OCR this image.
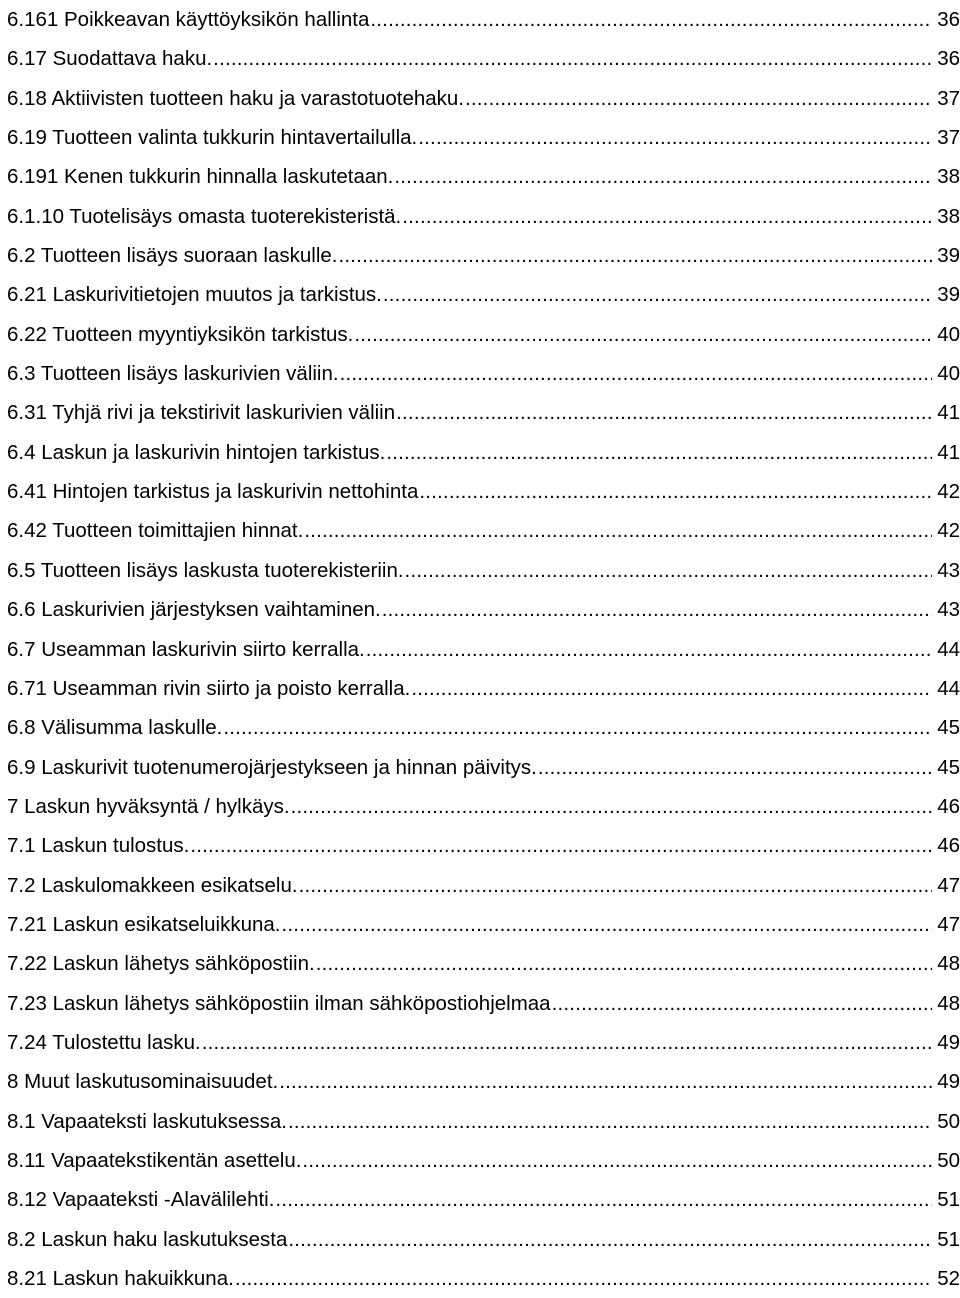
6.161 Poikkeavan käyttöyksikön hallinta .....	36
6.17 Suodattava haku. .....	36
6.18 Aktiivisten tuotteen haku ja varastotuotehaku. .....	37
6.19 Tuotteen valinta tukkurin hintavertailulla. .....	37
6.191 Kenen tukkurin hinnalla laskutetaan. .....	38
6.1.10 Tuotelisäys omasta tuoterekisteristä. .....	38
6.2 Tuotteen lisäys suoraan laskulle. .....	39
6.21 Laskurivitietojen muutos ja tarkistus. .....	39
6.22 Tuotteen myyntiyksikön tarkistus. .....	40
6.3 Tuotteen lisäys laskurivien väliin. .....	40
6.31 Tyhjä rivi ja tekstirivit laskurivien väliin .....	41
6.4 Laskun ja laskurivin hintojen tarkistus. .....	41
6.41 Hintojen tarkistus ja laskurivin nettohinta .....	42
6.42 Tuotteen toimittajien hinnat. .....	42
6.5 Tuotteen lisäys laskusta tuoterekisteriin. .....	43
6.6 Laskurivien järjestyksen vaihtaminen. .....	43
6.7 Useamman laskurivin siirto kerralla. .....	44
6.71 Useamman rivin siirto ja poisto kerralla. .....	44
6.8 Välisumma laskulle. .....	45
6.9 Laskurivit tuotenumerojärjestykseen ja hinnan päivitys. .....	45
7 Laskun hyväksyntä / hylkäys. .....	46
7.1 Laskun tulostus. .....	46
7.2 Laskulomakkeen esikatselu. .....	47
7.21 Laskun esikatseluikkuna. .....	47
7.22 Laskun lähetys sähköpostiin. .....	48
7.23 Laskun lähetys sähköpostiin ilman sähköpostiohjelmaa .....	48
7.24 Tulostettu lasku. .....	49
8 Muut laskutusominaisuudet. .....	49
8.1 Vapaateksti laskutuksessa. .....	50
8.11 Vapaatekstikentän asettelu. .....	50
8.12 Vapaateksti -Alavälilehti. .....	51
8.2 Laskun haku laskutuksesta .....	51
8.21 Laskun hakuikkuna. .....	52
